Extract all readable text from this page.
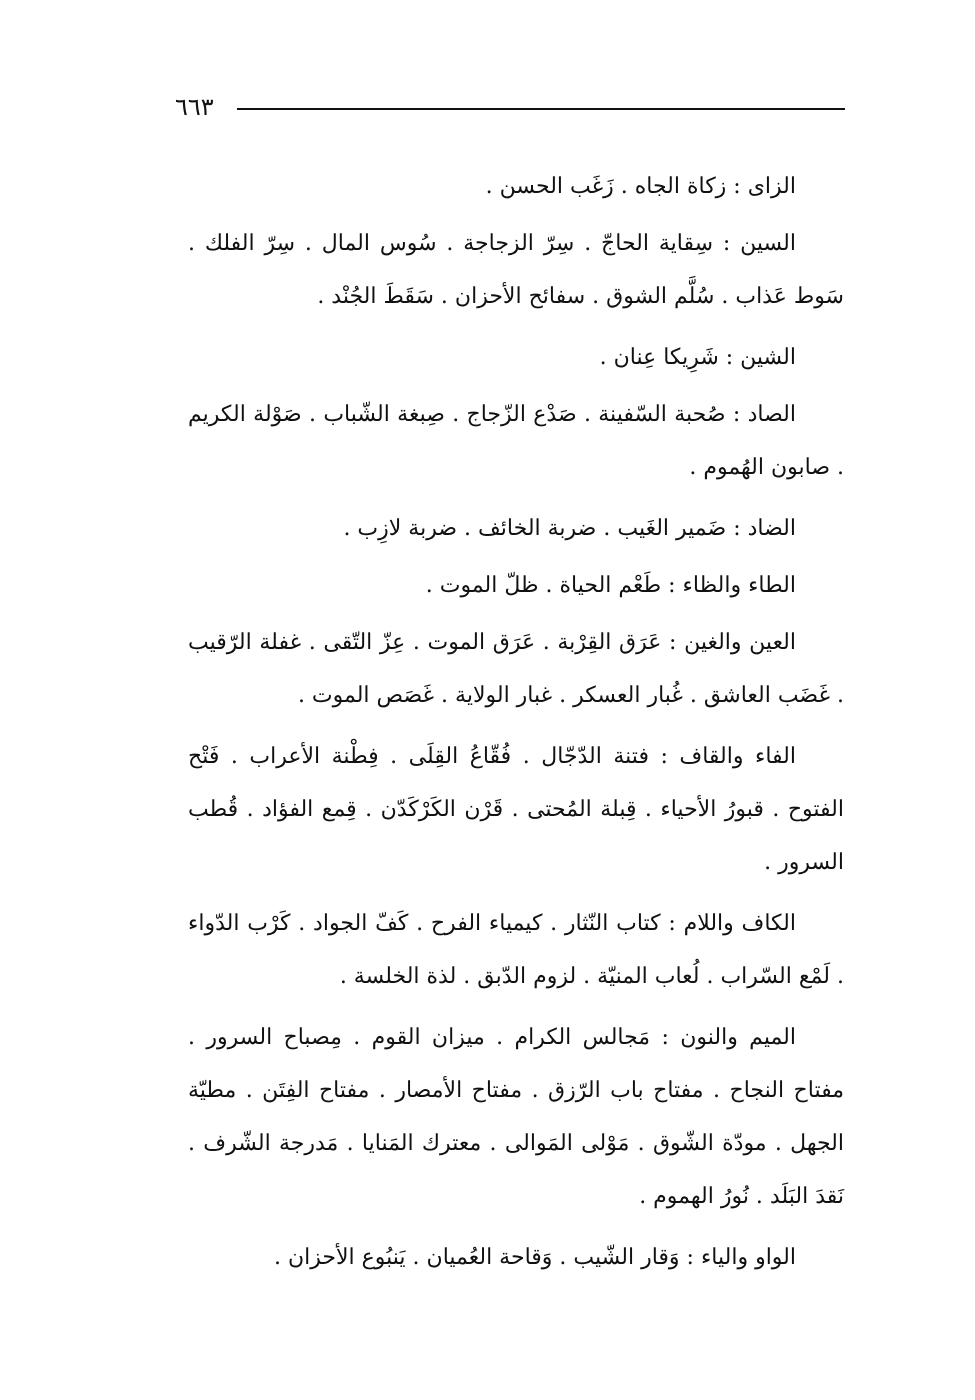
٦٦٣

الزاى : زكاة الجاه . زَغَب الحسن .

السين : سِقاية الحاجّ . سِرّ الزجاجة . سُوس المال . سِرّ الفلك . سَوط عَذاب . سُلَّم الشوق . سفائح الأحزان . سَقَطَ الجُنْد .

الشين : شَرِيكا عِنان .

الصاد : صُحبة السّفينة . صَدْع الزّجاج . صِبغة الشّباب . صَوْلة الكريم . صابون الهُموم .

الضاد : ضَمير الغَيب . ضربة الخائف . ضربة لازِب .

الطاء والظاء : طَعْم الحياة . ظلّ الموت .

العين والغين : عَرَق القِرْبة . عَرَق الموت . عِزّ التّقى . غفلة الرّقيب . غَضَب العاشق . غُبار العسكر . غبار الولاية . غَصَص الموت .

الفاء والقاف : فتنة الدّجّال . فُقّاعُ القِلَى . فِطْنة الأعراب . فَتْح الفتوح . قبورُ الأحياء . قِبلة المُحتى . قَرْن الكَرْكَدّن . قِمع الفؤاد . قُطب السرور .

الكاف واللام : كتاب النّثار . كيمياء الفرح . كَفّ الجواد . كَرْب الدّواء . لَمْع السّراب . لُعاب المنيّة . لزوم الدّبق . لذة الخلسة .

الميم والنون : مَجالس الكرام . ميزان القوم . مِصباح السرور . مفتاح النجاح . مفتاح باب الرّزق . مفتاح الأمصار . مفتاح الفِتَن . مطيّة الجهل . مودّة الشّوق . مَوْلى المَوالى . معترك المَنايا . مَدرجة الشّرف . نَقدَ البَلَد . نُورُ الهموم .

الواو والياء : وَقار الشّيب . وَقاحة العُميان . يَنبُوع الأحزان .
